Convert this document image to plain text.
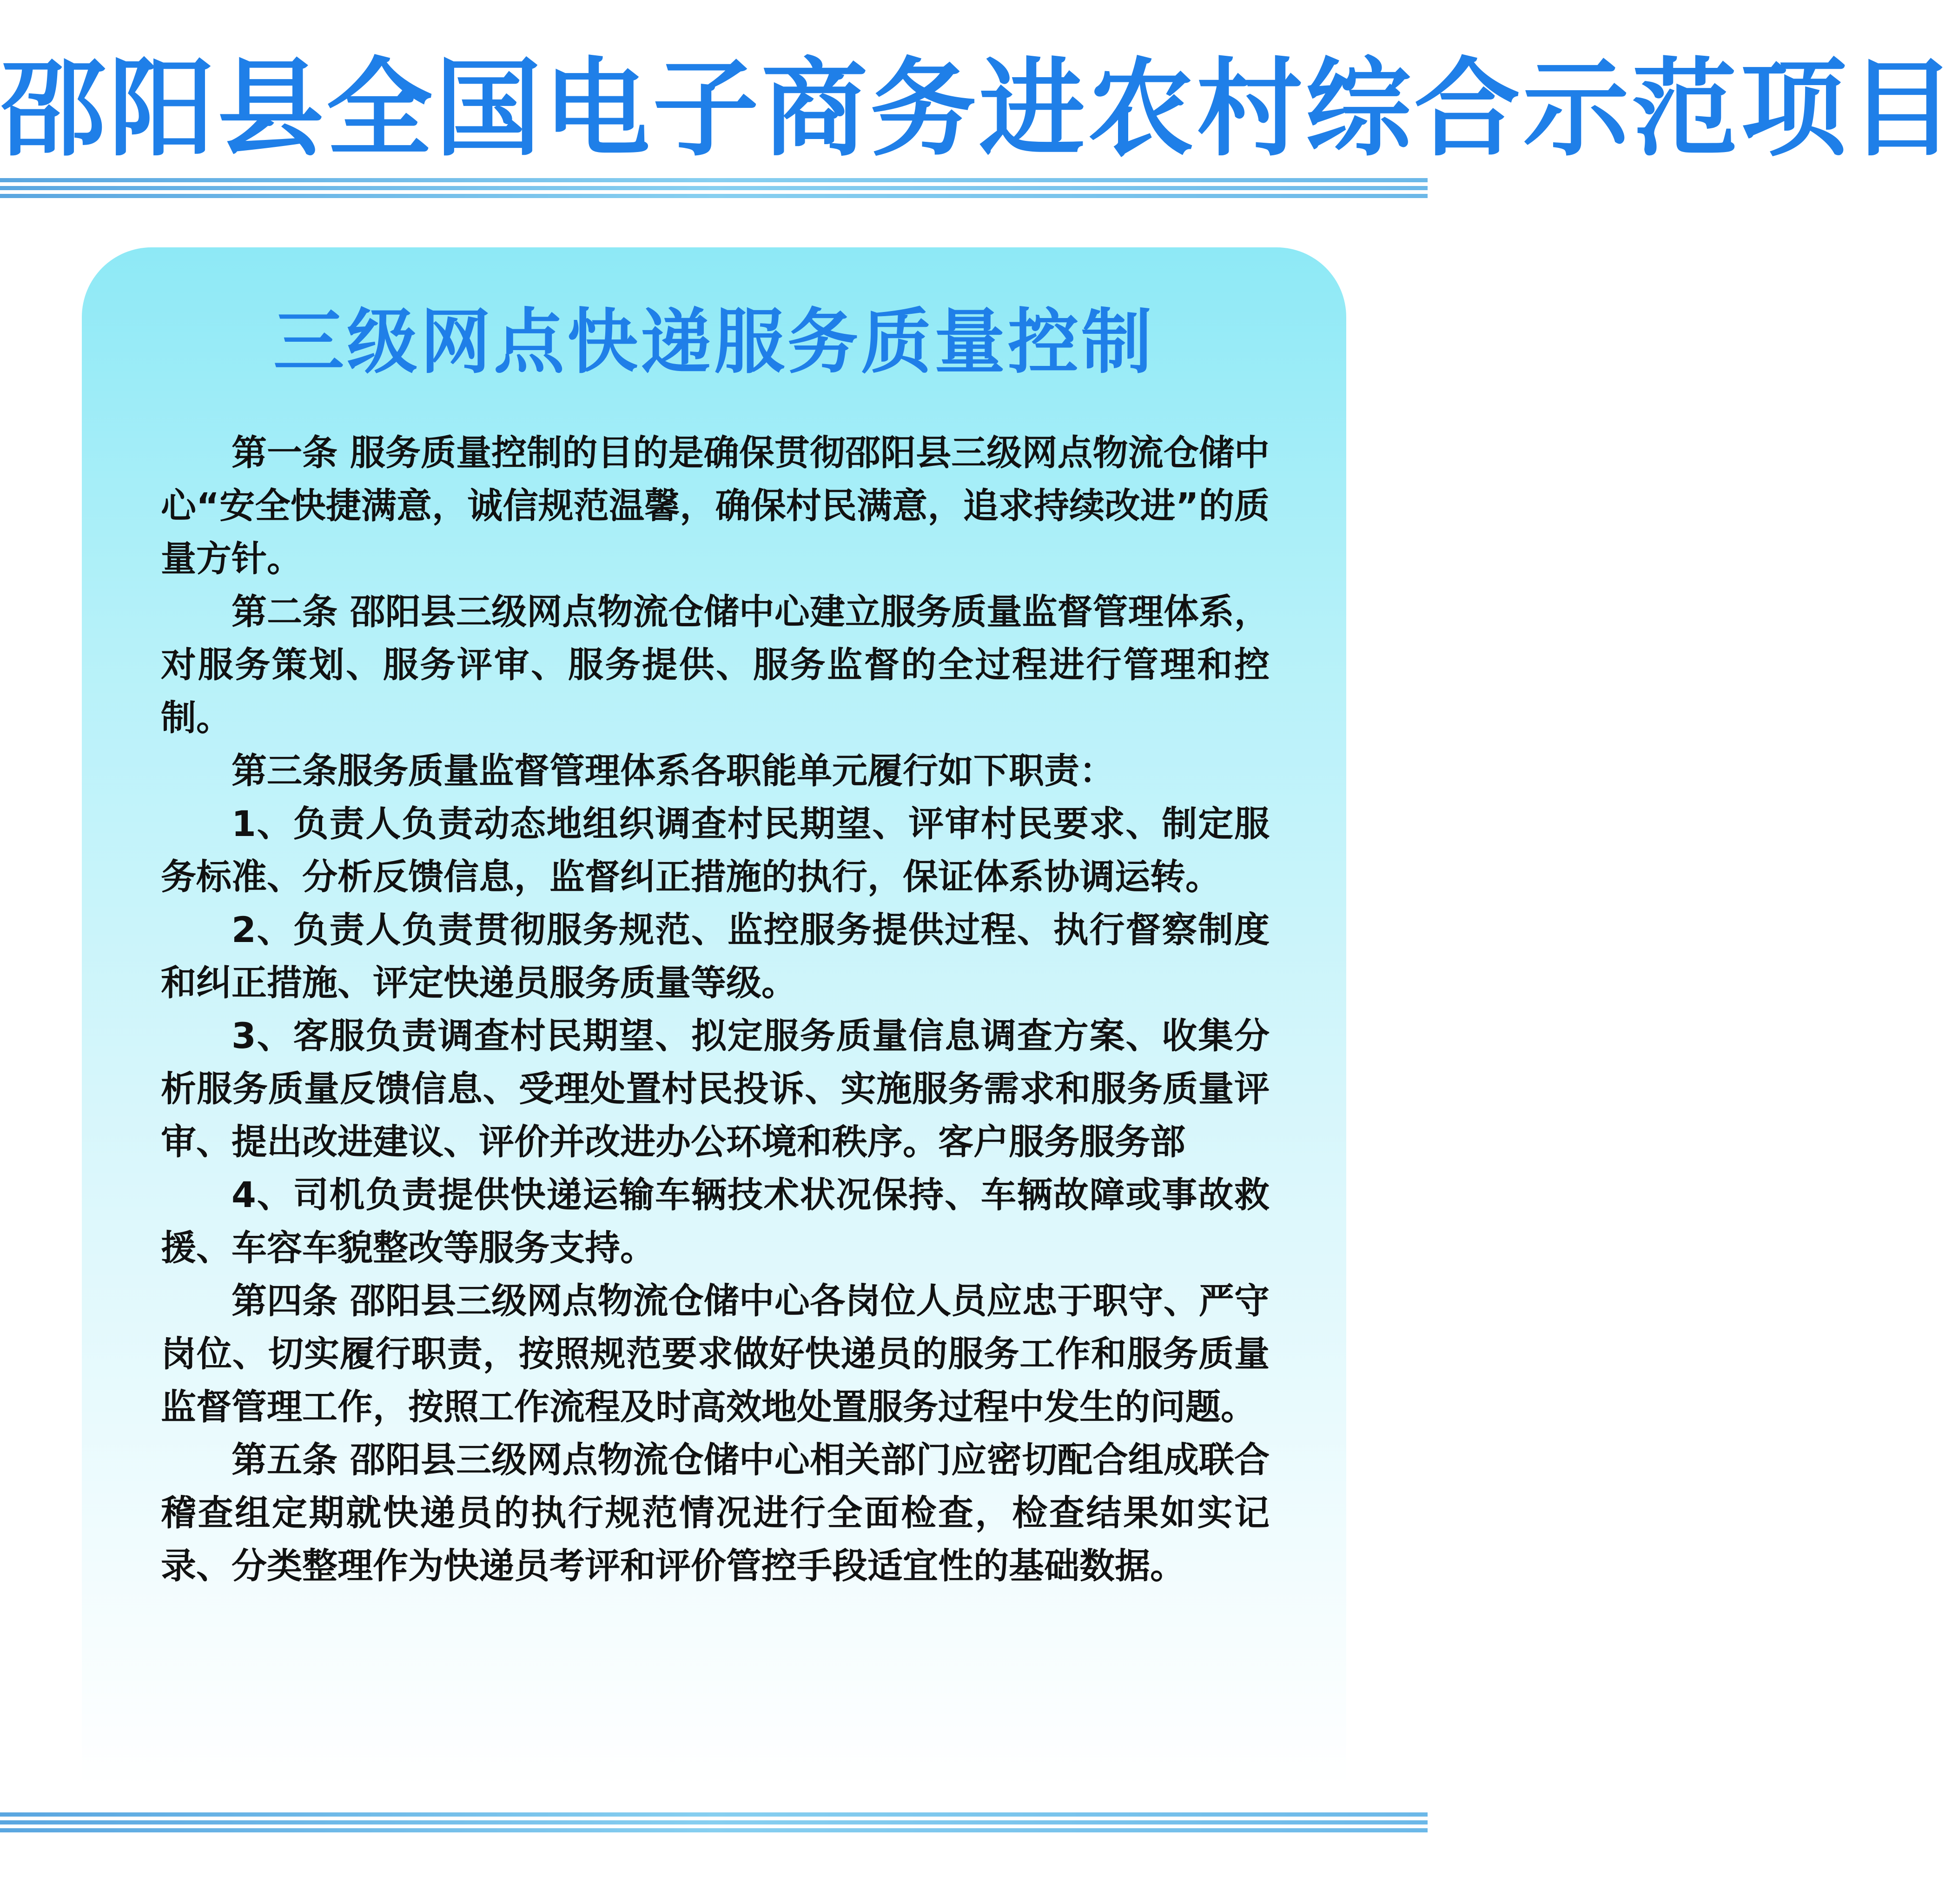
邵阳县全国电子商务进农村综合示范项目
三级网点快递服务质量控制

第一条 服务质量控制的目的是确保贯彻邵阳县三级网点物流仓储中心“安全快捷满意，诚信规范温馨，确保村民满意，追求持续改进”的质量方针。

第二条 邵阳县三级网点物流仓储中心建立服务质量监督管理体系，对服务策划、服务评审、服务提供、服务监督的全过程进行管理和控制。

第三条服务质量监督管理体系各职能单元履行如下职责：

1、负责人负责动态地组织调查村民期望、评审村民要求、制定服务标准、分析反馈信息，监督纠正措施的执行，保证体系协调运转。

2、负责人负责贯彻服务规范、监控服务提供过程、执行督察制度和纠正措施、评定快递员服务质量等级。

3、客服负责调查村民期望、拟定服务质量信息调查方案、收集分析服务质量反馈信息、受理处置村民投诉、实施服务需求和服务质量评审、提出改进建议、评价并改进办公环境和秩序。客户服务服务部

4、司机负责提供快递运输车辆技术状况保持、车辆故障或事故救援、车容车貌整改等服务支持。

第四条 邵阳县三级网点物流仓储中心各岗位人员应忠于职守、严守岗位、切实履行职责，按照规范要求做好快递员的服务工作和服务质量监督管理工作，按照工作流程及时高效地处置服务过程中发生的问题。

第五条 邵阳县三级网点物流仓储中心相关部门应密切配合组成联合稽查组定期就快递员的执行规范情况进行全面检查，检查结果如实记录、分类整理作为快递员考评和评价管控手段适宜性的基础数据。
